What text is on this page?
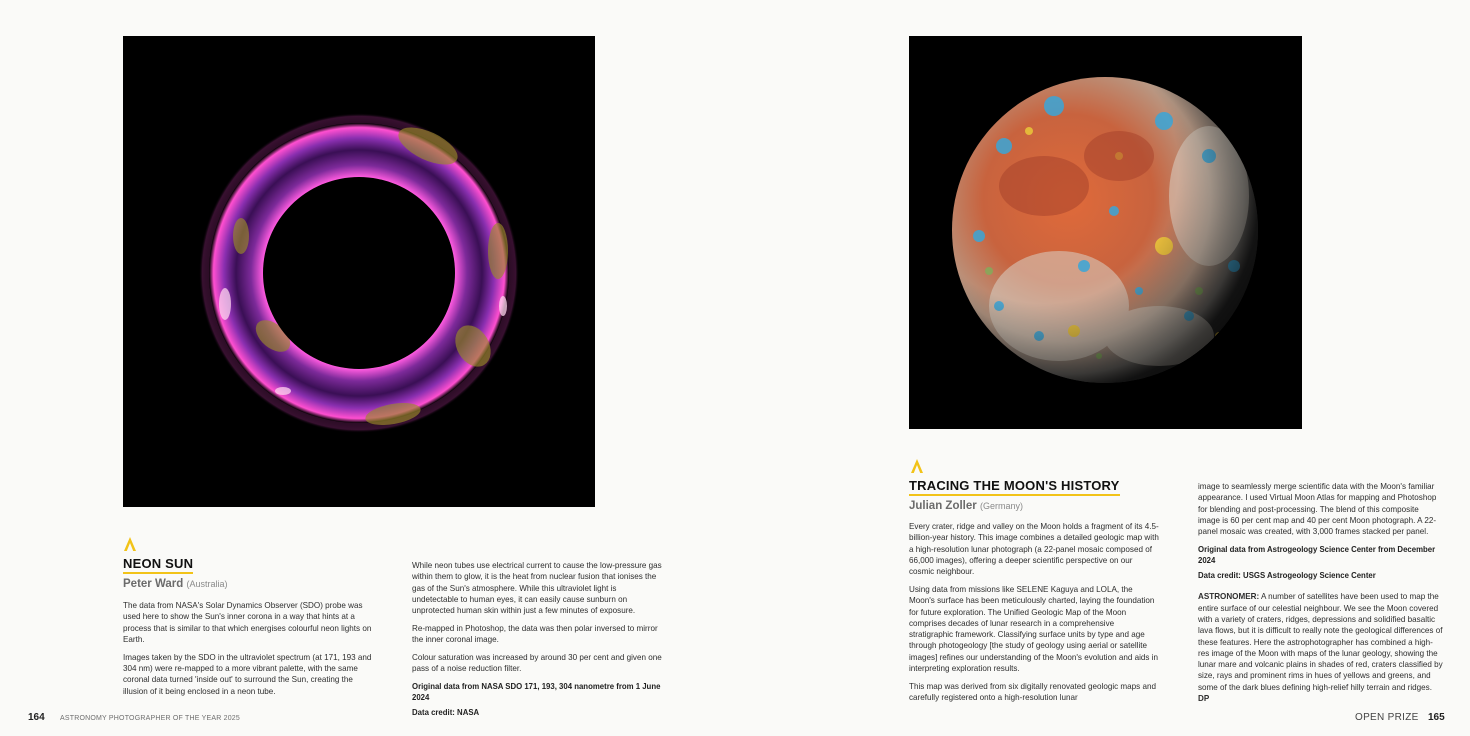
NEON SUN
Peter Ward (Australia)

The data from NASA's Solar Dynamics Observer (SDO) probe was used here to show the Sun's inner corona in a way that hints at a process that is similar to that which energises colourful neon lights on Earth.

Images taken by the SDO in the ultraviolet spectrum (at 171, 193 and 304 nm) were re-mapped to a more vibrant palette, with the same coronal data turned 'inside out' to surround the Sun, creating the illusion of it being enclosed in a neon tube.

While neon tubes use electrical current to cause the low-pressure gas within them to glow, it is the heat from nuclear fusion that ionises the gas of the Sun's atmosphere. While this ultraviolet light is undetectable to human eyes, it can easily cause sunburn on unprotected human skin within just a few minutes of exposure.

Re-mapped in Photoshop, the data was then polar inversed to mirror the inner coronal image.

Colour saturation was increased by around 30 per cent and given one pass of a noise reduction filter.

Original data from NASA SDO 171, 193, 304 nanometre from 1 June 2024

Data credit: NASA

164 ASTRONOMY PHOTOGRAPHER OF THE YEAR 2025
TRACING THE MOON'S HISTORY
Julian Zoller (Germany)

Every crater, ridge and valley on the Moon holds a fragment of its 4.5-billion-year history. This image combines a detailed geologic map with a high-resolution lunar photograph (a 22-panel mosaic composed of 66,000 images), offering a deeper scientific perspective on our cosmic neighbour.

Using data from missions like SELENE Kaguya and LOLA, the Moon's surface has been meticulously charted, laying the foundation for future exploration. The Unified Geologic Map of the Moon comprises decades of lunar research in a comprehensive stratigraphic framework. Classifying surface units by type and age through photogeology [the study of geology using aerial or satellite images] refines our understanding of the Moon's evolution and aids in interpreting exploration results.

This map was derived from six digitally renovated geologic maps and carefully registered onto a high-resolution lunar

image to seamlessly merge scientific data with the Moon's familiar appearance. I used Virtual Moon Atlas for mapping and Photoshop for blending and post-processing. The blend of this composite image is 60 per cent map and 40 per cent Moon photograph. A 22-panel mosaic was created, with 3,000 frames stacked per panel.

Original data from Astrogeology Science Center from December 2024

Data credit: USGS Astrogeology Science Center

ASTRONOMER: A number of satellites have been used to map the entire surface of our celestial neighbour. We see the Moon covered with a variety of craters, ridges, depressions and solidified basaltic lava flows, but it is difficult to really note the geological differences of these features. Here the astrophotographer has combined a high-res image of the Moon with maps of the lunar geology, showing the lunar mare and volcanic plains in shades of red, craters classified by size, rays and prominent rims in hues of yellows and greens, and some of the dark blues defining high-relief hilly terrain and ridges. DP

OPEN PRIZE 165
